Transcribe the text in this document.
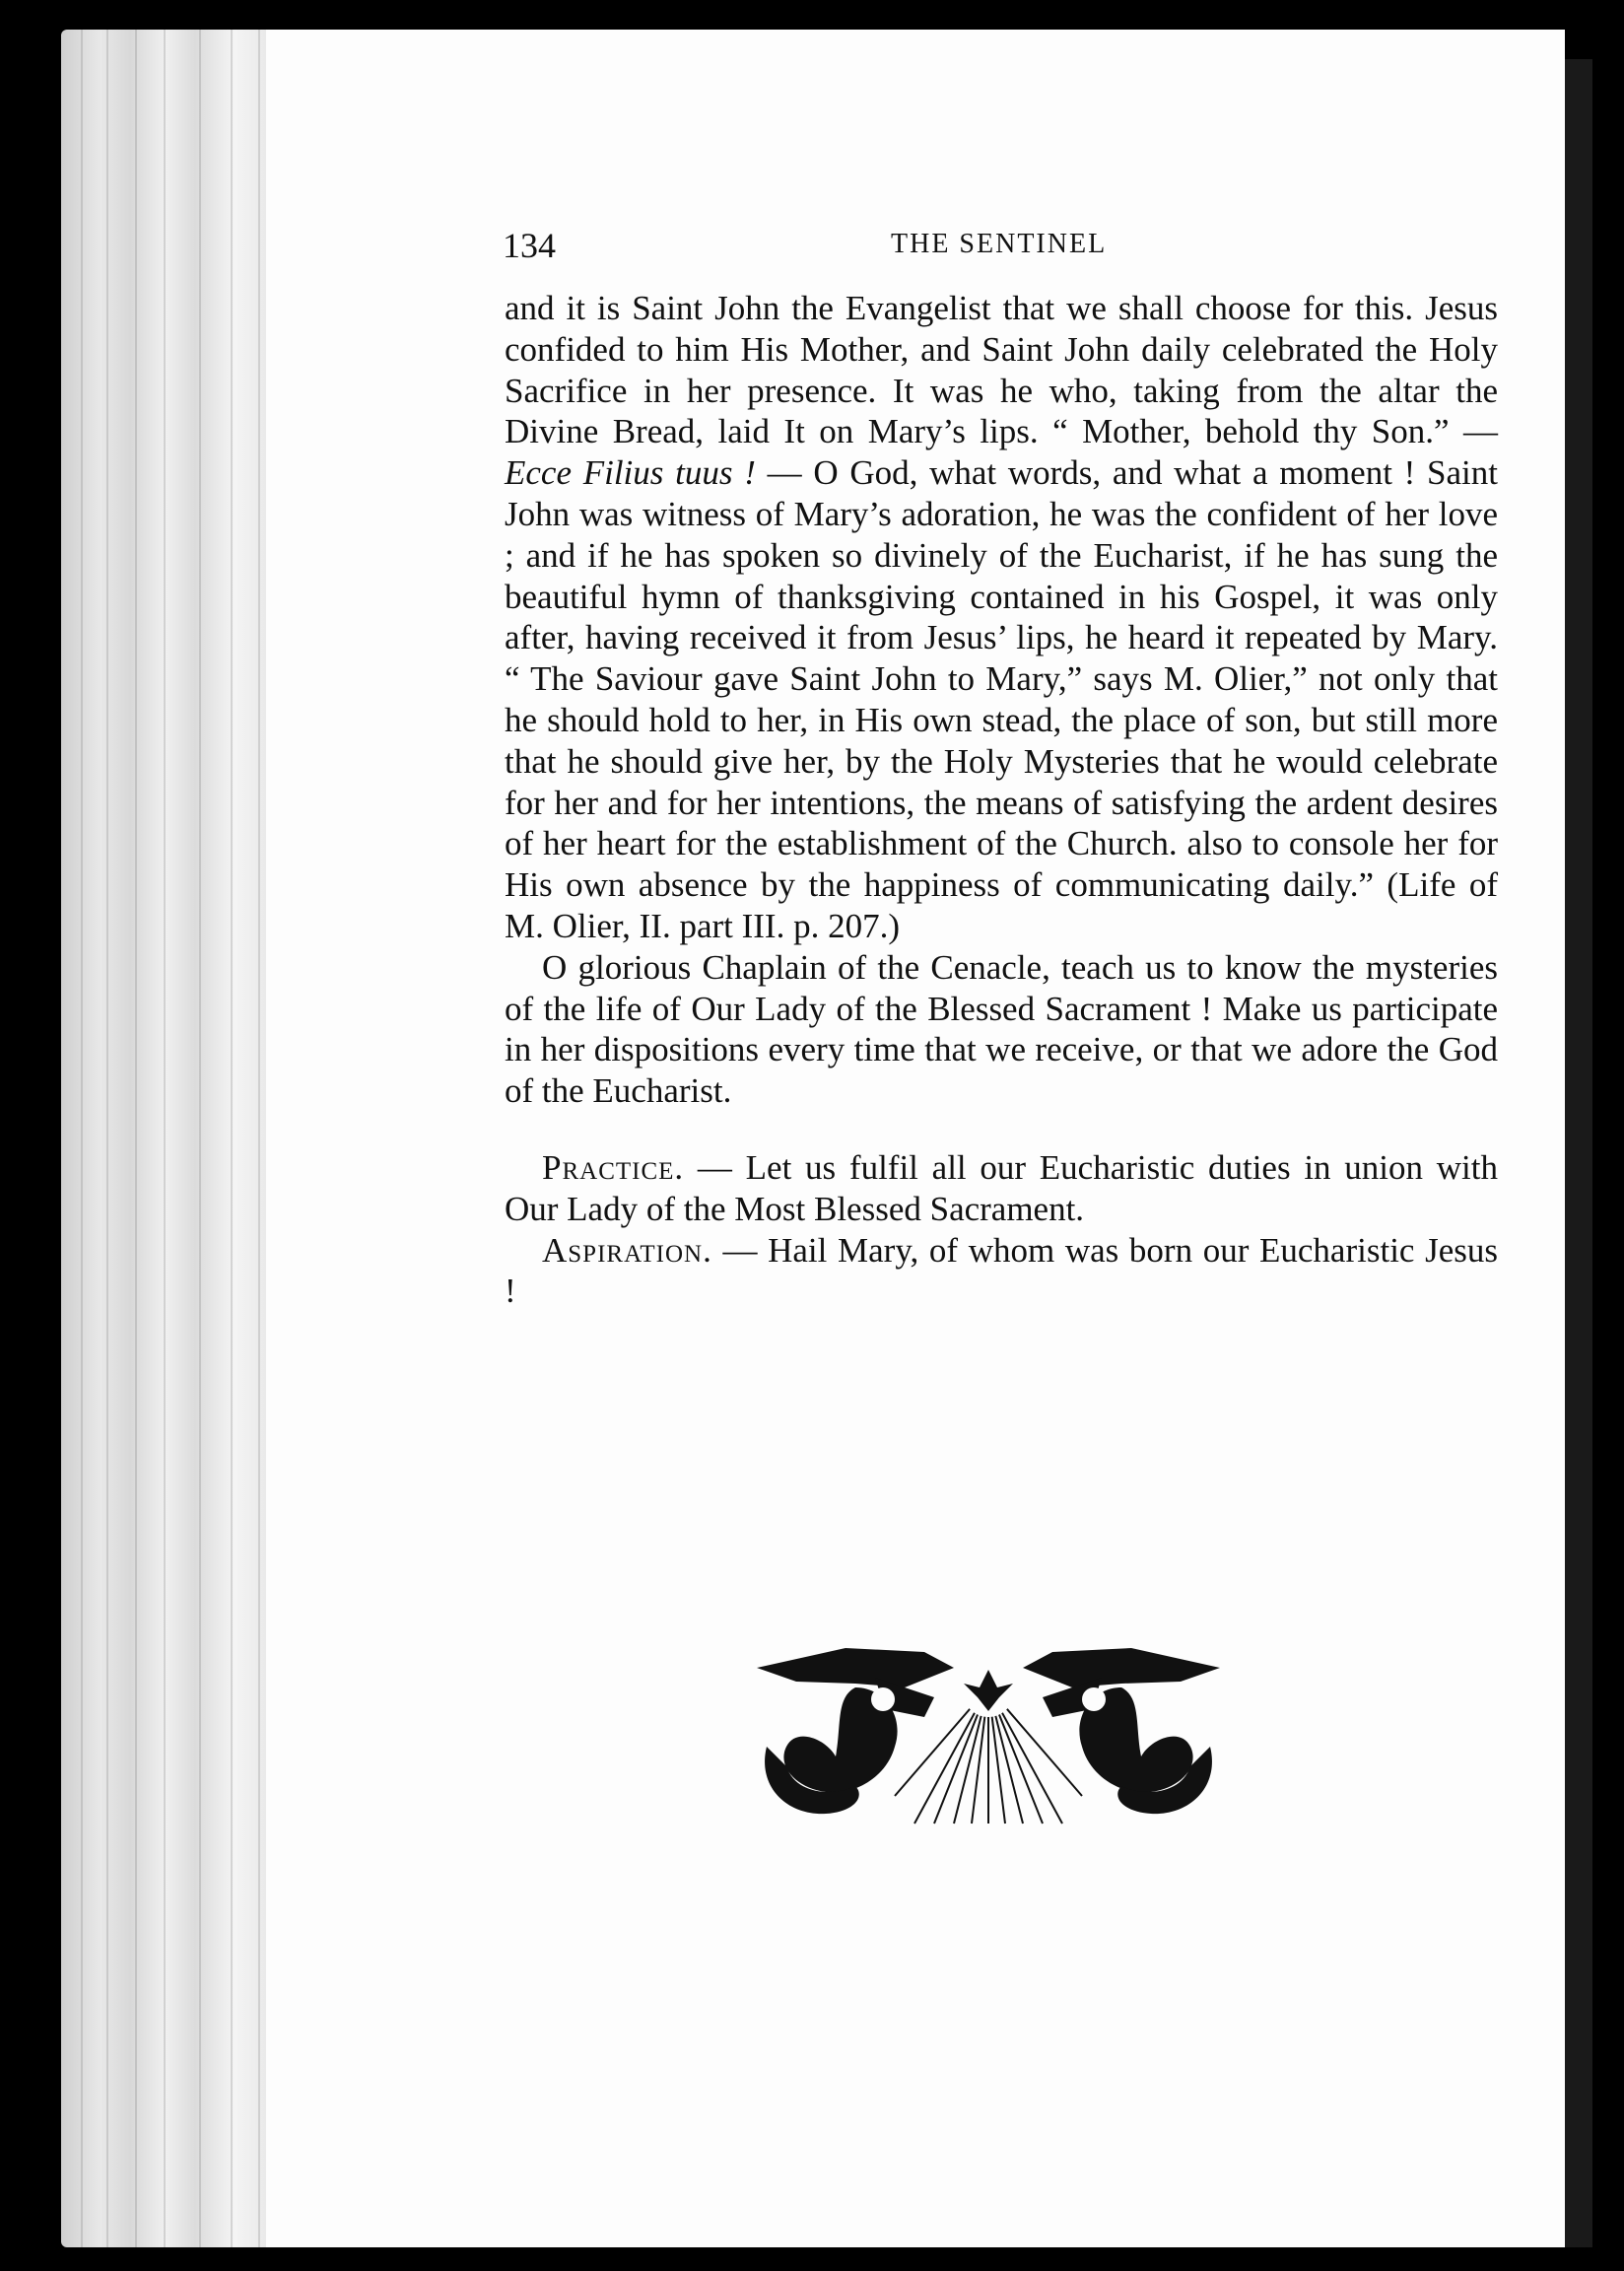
134	THE SENTINEL

and it is Saint John the Evangelist that we shall choose for this. Jesus confided to him His Mother, and Saint John daily celebrated the Holy Sacrifice in her presence. It was he who, taking from the altar the Divine Bread, laid It on Mary’s lips. “ Mother, behold thy Son.” — Ecce Filius tuus ! — O God, what words, and what a moment ! Saint John was witness of Mary’s adoration, he was the confident of her love ; and if he has spoken so divinely of the Eucharist, if he has sung the beautiful hymn of thanksgiving contained in his Gospel, it was only after, having received it from Jesus’ lips, he heard it repeated by Mary. “ The Saviour gave Saint John to Mary,” says M. Olier,” not only that he should hold to her, in His own stead, the place of son, but still more that he should give her, by the Holy Mysteries that he would celebrate for her and for her intentions, the means of satisfying the ardent desires of her heart for the establishment of the Church. also to console her for His own absence by the happiness of communicating daily.” (Life of M. Olier, II. part III. p. 207.)

O glorious Chaplain of the Cenacle, teach us to know the mysteries of the life of Our Lady of the Blessed Sacrament ! Make us participate in her dispositions every time that we receive, or that we adore the God of the Eucharist.

Practice. — Let us fulfil all our Eucharistic duties in union with Our Lady of the Most Blessed Sacrament.

Aspiration. — Hail Mary, of whom was born our Eucharistic Jesus !
